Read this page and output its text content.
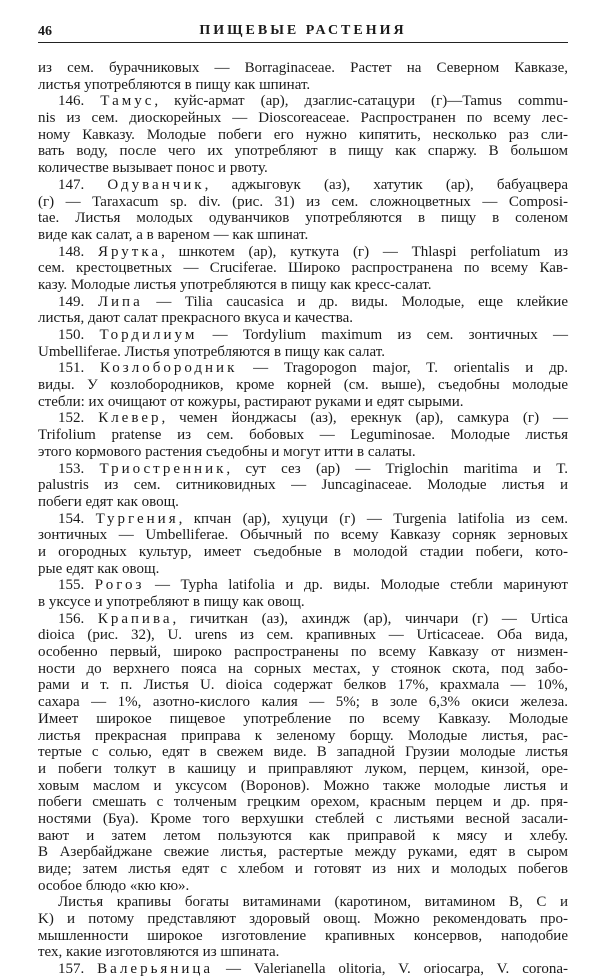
46	ПИЩЕВЫЕ РАСТЕНИЯ
из сем. бурачниковых — Borraginaceae. Растет на Северном Кавказе,
листья употребляются в пищу как шпинат.
146. Тамус, куйс-армат (ар), дзаглис-сатацури (г)—Tamus commu-
nis из сем. диоскорейных — Dioscoreaceae. Распространен по всему лес-
ному Кавказу. Молодые побеги его нужно кипятить, несколько раз сли-
вать воду, после чего их употребляют в пищу как спаржу. В большом
количестве вызывает понос и рвоту.
147. Одуванчик, аджыговук (аз), хатутик (ар), бабуацвера
(г) — Taraxacum sp. div. (рис. 31) из сем. сложноцветных — Composi-
tae. Листья молодых одуванчиков употребляются в пищу в соленом
виде как салат, а в вареном — как шпинат.
148. Ярутка, шнкотем (ар), куткута (г) — Thlaspi perfoliatum из
сем. крестоцветных — Cruciferae. Широко распространена по всему Кав-
казу. Молодые листья употребляются в пищу как кресс-салат.
149. Липа — Tilia caucasica и др. виды. Молодые, еще клейкие
листья, дают салат прекрасного вкуса и качества.
150. Тордилиум — Tordylium maximum из сем. зонтичных —
Umbelliferae. Листья употребляются в пищу как салат.
151. Козлобородник — Tragopogon major, T. orientalis и др.
виды. У козлобородников, кроме корней (см. выше), съедобны молодые
стебли: их очищают от кожуры, растирают руками и едят сырыми.
152. Клевер, чемен йонджасы (аз), ерекнук (ар), самкура (г) —
Trifolium pratense из сем. бобовых — Leguminosae. Молодые листья
этого кормового растения съедобны и могут итти в салаты.
153. Триостренник, сут сез (ар) — Triglochin maritima и T.
palustris из сем. ситниковидных — Juncaginaceae. Молодые листья и
побеги едят как овощ.
154. Тургения, кпчан (ар), хуцуци (г) — Turgenia latifolia из сем.
зонтичных — Umbelliferae. Обычный по всему Кавказу сорняк зерновых
и огородных культур, имеет съедобные в молодой стадии побеги, кото-
рые едят как овощ.
155. Рогоз — Typha latifolia и др. виды. Молодые стебли маринуют
в уксусе и употребляют в пищу как овощ.
156. Крапива, гичиткан (аз), ахиндж (ар), чинчари (г) — Urtica
dioica (рис. 32), U. urens из сем. крапивных — Urticaceae. Оба вида,
особенно первый, широко распространены по всему Кавказу от низмен-
ности до верхнего пояса на сорных местах, у стоянок скота, под забо-
рами и т. п. Листья U. dioica содержат белков 17%, крахмала — 10%,
сахара — 1%, азотно-кислого калия — 5%; в золе 6,3% окиси железа.
Имеет широкое пищевое употребление по всему Кавказу. Молодые
листья прекрасная приправа к зеленому борщу. Молодые листья, рас-
тертые с солью, едят в свежем виде. В западной Грузии молодые листья
и побеги толкут в кашицу и приправляют луком, перцем, кинзой, оре-
ховым маслом и уксусом (Воронов). Можно также молодые листья и
побеги смешать с толченым грецким орехом, красным перцем и др. пря-
ностями (Буа). Кроме того верхушки стеблей с листьями весной засали-
вают и затем летом пользуются как приправой к мясу и хлебу.
В Азербайджане свежие листья, растертые между руками, едят в сыром
виде; затем листья едят с хлебом и готовят из них и молодых побегов
особое блюдо «кю кю».
Листья крапивы богаты витаминами (каротином, витамином B, C и
K) и потому представляют здоровый овощ. Можно рекомендовать про-
мышленности широкое изготовление крапивных консервов, наподобие
тех, какие изготовляются из шпината.
157. Валерьяница — Valerianella olitoria, V. oriocarpa, V. corona-
